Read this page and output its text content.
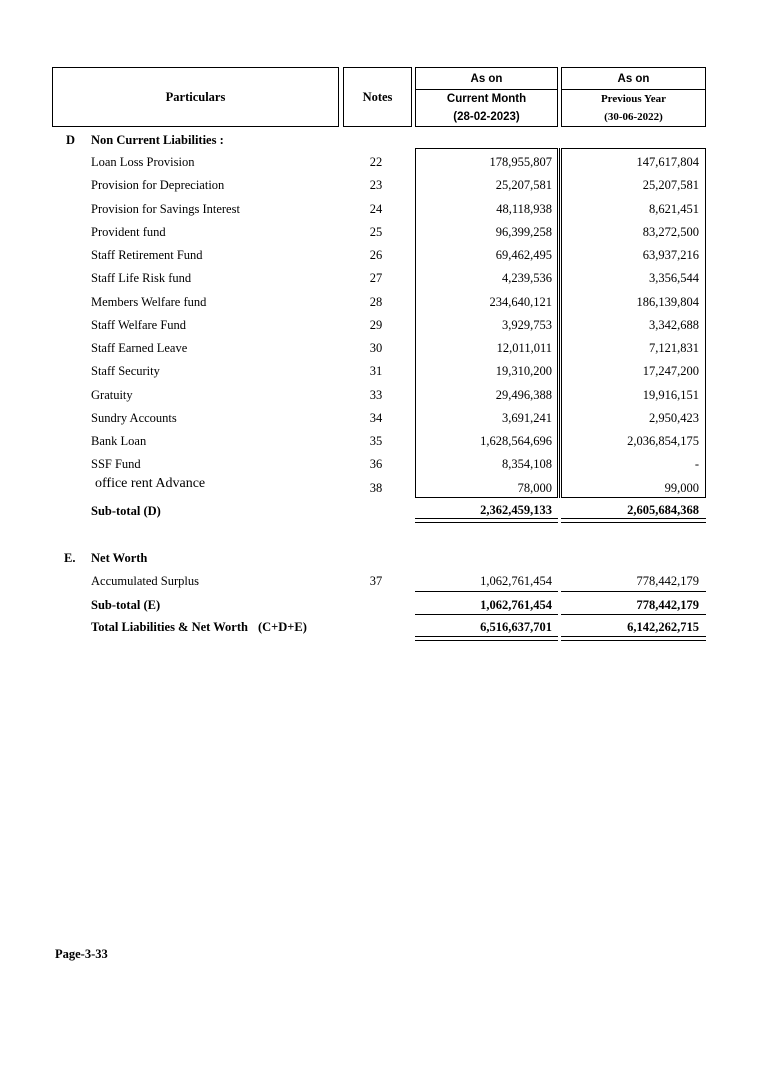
Particulars	Notes
As on
Current Month
(28-02-2023)
As on
Previous Year
(30-06-2022)
D Non Current Liabilities :
Loan Loss Provision	22	178,955,807	147,617,804
Provision for Depreciation	23	25,207,581	25,207,581
Provision for Savings Interest	24	48,118,938	8,621,451
Provident fund	25	96,399,258	83,272,500
Staff Retirement Fund	26	69,462,495	63,937,216
Staff Life Risk fund	27	4,239,536	3,356,544
Members Welfare fund	28	234,640,121	186,139,804
Staff Welfare Fund	29	3,929,753	3,342,688
Staff Earned Leave	30	12,011,011	7,121,831
Staff Security	31	19,310,200	17,247,200
Gratuity	33	29,496,388	19,916,151
Sundry Accounts	34	3,691,241	2,950,423
Bank Loan	35	1,628,564,696	2,036,854,175
SSF Fund	36	8,354,108	-
office rent Advance	38	78,000	99,000
Sub-total (D)	2,362,459,133	2,605,684,368
E. Net Worth
Accumulated Surplus	37	1,062,761,454	778,442,179
Sub-total (E)	1,062,761,454	778,442,179
Total Liabilities & Net Worth (C+D+E)	6,516,637,701	6,142,262,715
Page-3-33
